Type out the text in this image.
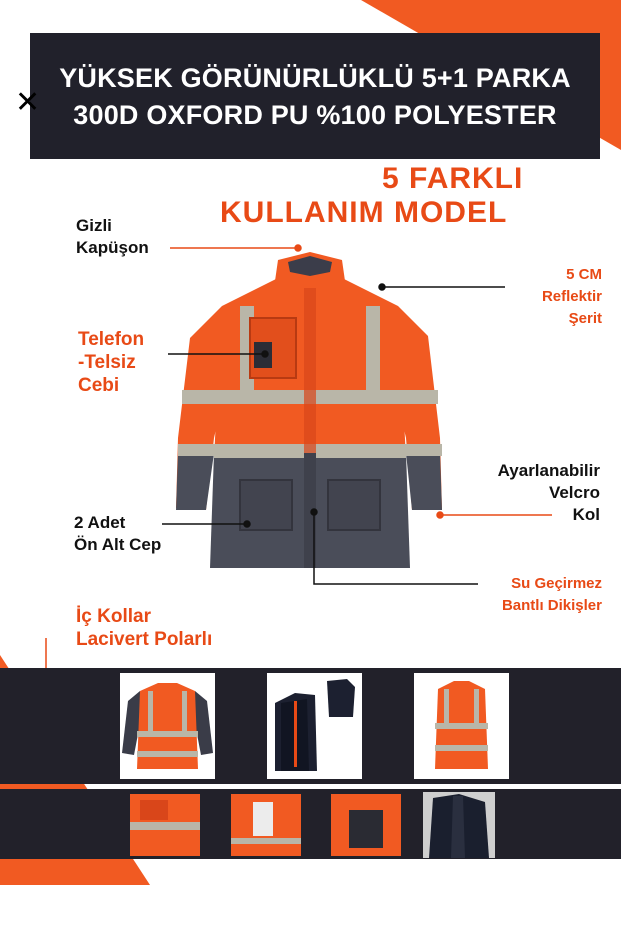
YÜKSEK GÖRÜNÜRLÜKLÜ 5+1 PARKA
300D OXFORD PU %100 POLYESTER
✕
5 FARKLI
KULLANIM MODEL
Gizli
Kapüşon
Telefon
-Telsiz
Cebi
2 Adet
Ön Alt Cep
İç Kollar
Lacivert Polarlı
5 CM
Reflektir
Şerit
Ayarlanabilir
Velcro
Kol
Su Geçirmez
Bantlı Dikişler
